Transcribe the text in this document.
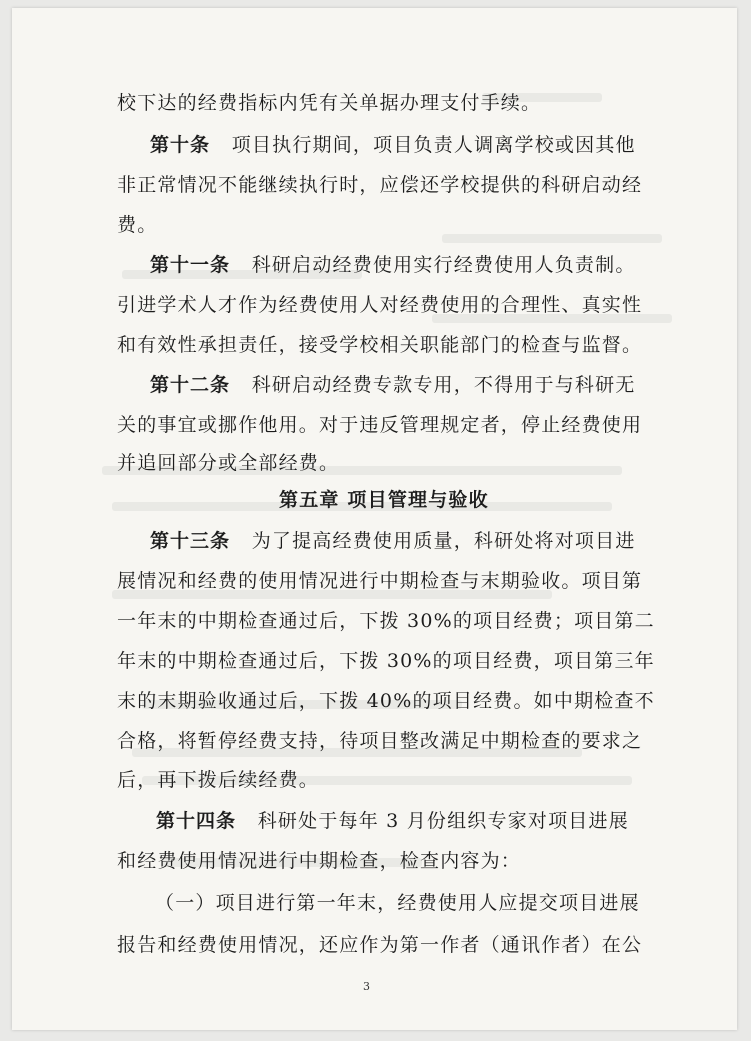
校下达的经费指标内凭有关单据办理支付手续。
第十条 项目执行期间，项目负责人调离学校或因其他
非正常情况不能继续执行时，应偿还学校提供的科研启动经
费。
第十一条 科研启动经费使用实行经费使用人负责制。
引进学术人才作为经费使用人对经费使用的合理性、真实性
和有效性承担责任，接受学校相关职能部门的检查与监督。
第十二条 科研启动经费专款专用，不得用于与科研无
关的事宜或挪作他用。对于违反管理规定者，停止经费使用
并追回部分或全部经费。
第五章 项目管理与验收
第十三条 为了提高经费使用质量，科研处将对项目进
展情况和经费的使用情况进行中期检查与末期验收。项目第
一年末的中期检查通过后，下拨 30%的项目经费；项目第二
年末的中期检查通过后，下拨 30%的项目经费，项目第三年
末的末期验收通过后，下拨 40%的项目经费。如中期检查不
合格，将暂停经费支持，待项目整改满足中期检查的要求之
后，再下拨后续经费。
第十四条 科研处于每年 3 月份组织专家对项目进展
和经费使用情况进行中期检查，检查内容为：
（一）项目进行第一年末，经费使用人应提交项目进展
报告和经费使用情况，还应作为第一作者（通讯作者）在公
3
